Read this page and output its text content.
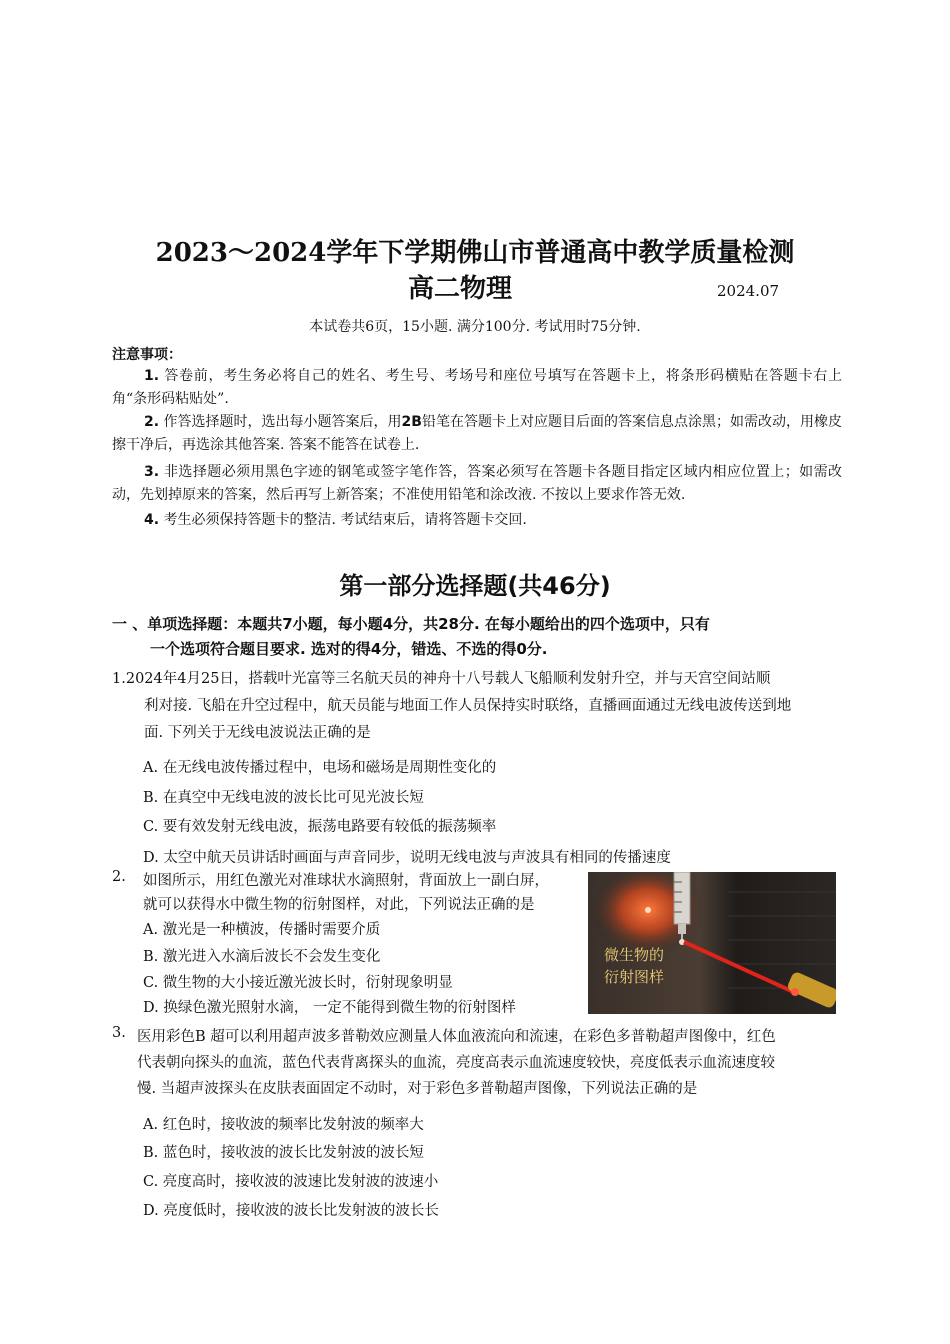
2023～2024学年下学期佛山市普通高中教学质量检测
高二物理	2024.07
本试卷共6页，15小题. 满分100分. 考试用时75分钟.
注意事项：
1. 答卷前，考生务必将自己的姓名、考生号、考场号和座位号填写在答题卡上，将条形码横贴在答题卡右上角“条形码粘贴处”.
2. 作答选择题时，选出每小题答案后，用2B铅笔在答题卡上对应题目后面的答案信息点涂黑；如需改动，用橡皮擦干净后，再选涂其他答案. 答案不能答在试卷上.
3. 非选择题必须用黑色字迹的钢笔或签字笔作答，答案必须写在答题卡各题目指定区域内相应位置上；如需改动，先划掉原来的答案，然后再写上新答案；不准使用铅笔和涂改液. 不按以上要求作答无效.
4. 考生必须保持答题卡的整洁. 考试结束后，请将答题卡交回.
第一部分选择题(共46分)
一 、单项选择题：本题共7小题，每小题4分，共28分. 在每小题给出的四个选项中，只有
一个选项符合题目要求. 选对的得4分，错选、不选的得0分.
1.2024年4月25日，搭载叶光富等三名航天员的神舟十八号载人飞船顺利发射升空，并与天宫空间站顺
利对接. 飞船在升空过程中，航天员能与地面工作人员保持实时联络，直播画面通过无线电波传送到地
面. 下列关于无线电波说法正确的是
A. 在无线电波传播过程中，电场和磁场是周期性变化的
B. 在真空中无线电波的波长比可见光波长短
C. 要有效发射无线电波，振荡电路要有较低的振荡频率
D. 太空中航天员讲话时画面与声音同步，说明无线电波与声波具有相同的传播速度
2. 如图所示，用红色激光对准球状水滴照射，背面放上一副白屏，
就可以获得水中微生物的衍射图样，对此，下列说法正确的是
A. 激光是一种横波，传播时需要介质
B. 激光进入水滴后波长不会发生变化
C. 微生物的大小接近激光波长时，衍射现象明显
D. 换绿色激光照射水滴， 一定不能得到微生物的衍射图样
微生物的
衍射图样
3. 医用彩色B 超可以利用超声波多普勒效应测量人体血液流向和流速，在彩色多普勒超声图像中，红色
代表朝向探头的血流，蓝色代表背离探头的血流，亮度高表示血流速度较快，亮度低表示血流速度较
慢. 当超声波探头在皮肤表面固定不动时，对于彩色多普勒超声图像，下列说法正确的是
A. 红色时，接收波的频率比发射波的频率大
B. 蓝色时，接收波的波长比发射波的波长短
C. 亮度高时，接收波的波速比发射波的波速小
D. 亮度低时，接收波的波长比发射波的波长长
